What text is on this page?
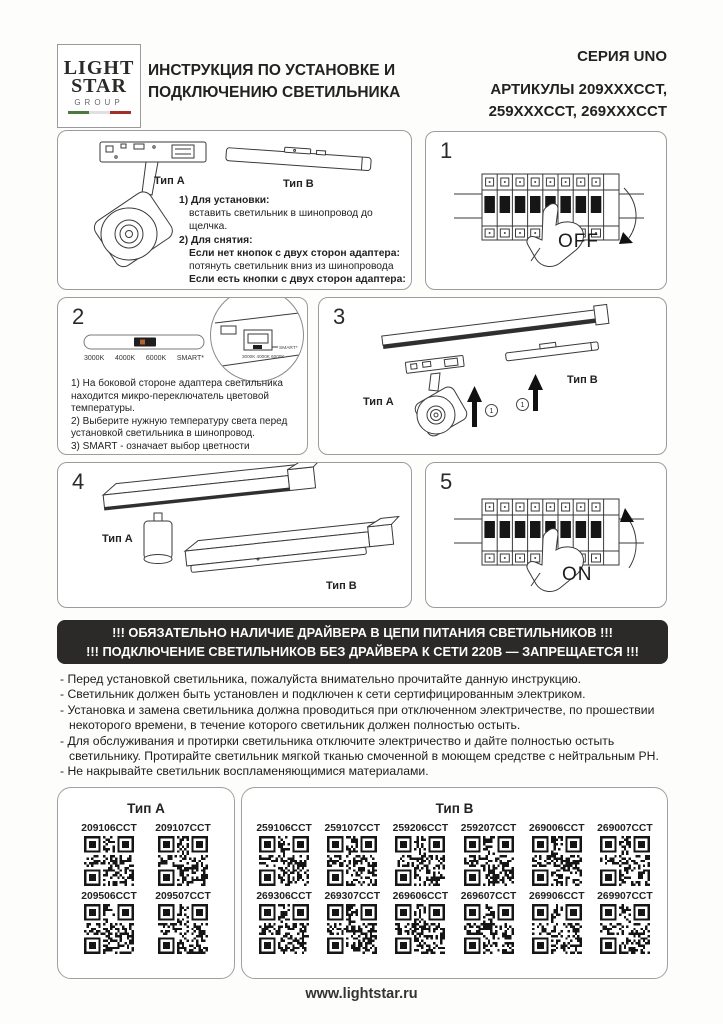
LIGHT
STAR
GROUP
ИНСТРУКЦИЯ ПО УСТАНОВКЕ И ПОДКЛЮЧЕНИЮ СВЕТИЛЬНИКА
СЕРИЯ UNO
АРТИКУЛЫ 209XXXCCT, 259XXXCCT, 269XXXCCT
Тип A	Тип B
1) Для установки:
вставить светильник в шинопровод до щелчка.
2) Для снятия:
Если нет кнопок с двух сторон адаптера:
потянуть светильник вниз из шинопровода
Если есть кнопки с двух сторон адаптера:
1
OFF
2
3000K 4000K 6000K SMART*	3000K 4000K 6000K
SMART*
1) На боковой стороне адаптера светильника находится микро-переключатель цветовой температуры.
2) Выберите нужную температуру света перед установкой светильника в шинопровод.
3) SMART - означает выбор цветности
3
Тип A
Тип B
1
1
4
Тип A
Тип B
5
ON
!!! ОБЯЗАТЕЛЬНО НАЛИЧИЕ ДРАЙВЕРА В ЦЕПИ ПИТАНИЯ СВЕТИЛЬНИКОВ !!!
!!! ПОДКЛЮЧЕНИЕ СВЕТИЛЬНИКОВ БЕЗ ДРАЙВЕРА К СЕТИ 220В — ЗАПРЕЩАЕТСЯ !!!
- Перед установкой светильника, пожалуйста внимательно прочитайте данную инструкцию.
- Светильник должен быть установлен и подключен к сети сертифицированным электриком.
- Установка и замена светильника должна проводиться при отключенном электричестве, по прошествии некоторого времени, в течение которого светильник должен полностью остыть.
- Для обслуживания и протирки светильника отключите электричество и дайте полностью остыть светильнику. Протирайте светильник мягкой тканью смоченной в моющем средстве с нейтральным PH.
- Не накрывайте светильник воспламеняющимися материалами.
Тип A
209106CCT 209107CCT
209506CCT 209507CCT
Тип B
259106CCT 259107CCT 259206CCT 259207CCT 269006CCT 269007CCT
269306CCT 269307CCT 269606CCT 269607CCT 269906CCT 269907CCT
www.lightstar.ru
